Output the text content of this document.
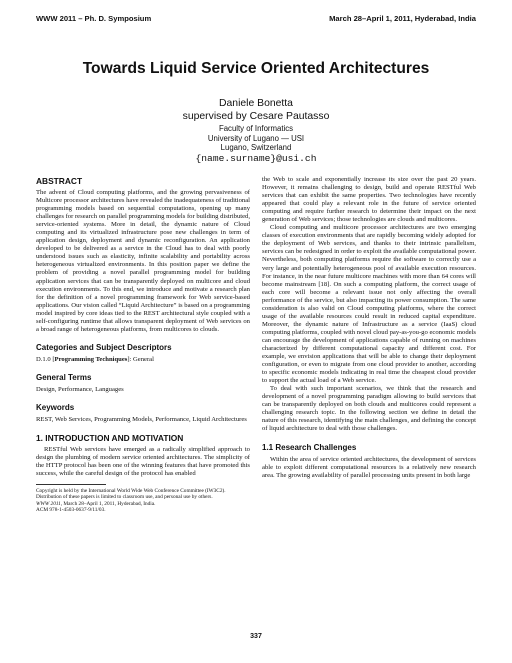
WWW 2011 – Ph. D. Symposium	March 28–April 1, 2011, Hyderabad, India
Towards Liquid Service Oriented Architectures
Daniele Bonetta
supervised by Cesare Pautasso
Faculty of Informatics
University of Lugano — USI
Lugano, Switzerland
{name.surname}@usi.ch
ABSTRACT

The advent of Cloud computing platforms, and the growing pervasiveness of Multicore processor architectures have revealed the inadequateness of traditional programming models based on sequential computations, opening up many challenges for research on parallel programming models for building distributed, service-oriented systems. More in detail, the dynamic nature of Cloud computing and its virtualized infrastructure pose new challenges in term of application design, deployment and dynamic reconfiguration. An application developed to be delivered as a service in the Cloud has to deal with poorly understood issues such as elasticity, infinite scalability and portability across heterogeneous virtualized environments. In this position paper we define the problem of providing a novel parallel programming model for building application services that can be transparently deployed on multicore and cloud execution environments. To this end, we introduce and motivate a research plan for the definition of a novel programming framework for Web service-based applications. Our vision called “Liquid Architecture” is based on a programming model inspired by core ideas tied to the REST architectural style coupled with a self-configuring runtime that allows transparent deployment of Web services on a broad range of heterogeneous platforms, from multicores to clouds.

Categories and Subject Descriptors

D.1.0 [Programming Techniques]: General

General Terms

Design, Performance, Languages

Keywords

REST, Web Services, Programming Models, Performance, Liquid Architectures

1. INTRODUCTION AND MOTIVATION

RESTful Web services have emerged as a radically simplified approach to design the plumbing of modern service oriented architectures. The simplicity of the HTTP protocol has been one of the winning features that have promoted this success, while the careful design of the protocol has enabled

Copyright is held by the International World Wide Web Conference Committee (IW3C2). Distribution of these papers is limited to classroom use, and personal use by others.

WWW 2011, March 28–April 1, 2011, Hyderabad, India.

ACM 978-1-4503-0637-9/11/03.

the Web to scale and exponentially increase its size over the past 20 years. However, it remains challenging to design, build and operate RESTful Web services that can exhibit the same properties. Two technologies have recently appeared that could play a relevant role in the future of service oriented computing and require further research to determine their impact on the next generation of Web services; those technologies are clouds and multicores.

Cloud computing and multicore processor architectures are two emerging classes of execution environments that are rapidly becoming widely adopted for the deployment of Web services, and thanks to their intrinsic parallelism, services can be redesigned in order to exploit the available computational power. Nevertheless, both computing platforms require the software to correctly use a very large and potentially heterogeneous pool of available execution resources. For instance, in the near future multicore machines with more than 64 cores will become mainstream [18]. On such a computing platform, the correct usage of each core will become a relevant issue not only affecting the overall performance of the service, but also impacting its power consumption. The same consideration is also valid on Cloud computing platforms, where the correct usage of the available resources could result in reduced capital expenditure. Moreover, the dynamic nature of Infrastructure as a service (IaaS) cloud computing platforms, coupled with novel cloud pay-as-you-go economic models can encourage the development of applications capable of running on machines characterized by different computational capacity and different cost. For example, we envision applications that will be able to change their deployment configuration, or even to migrate from one cloud provider to another, according to specific economic models indicating in real time the cheapest cloud provider to support the actual load of a Web service.

To deal with such important scenarios, we think that the research and development of a novel programming paradigm allowing to build services that can be transparently deployed on both clouds and multicores could represent a challenging research topic. In the following section we define in detail the nature of this research, identifying the main challenges, and defining the concept of liquid architecture to deal with those challenges.

1.1 Research Challenges

Within the area of service oriented architectures, the development of services able to exploit different computational resources is a relatively new research area. The growing availability of parallel processing units present in both large

337
